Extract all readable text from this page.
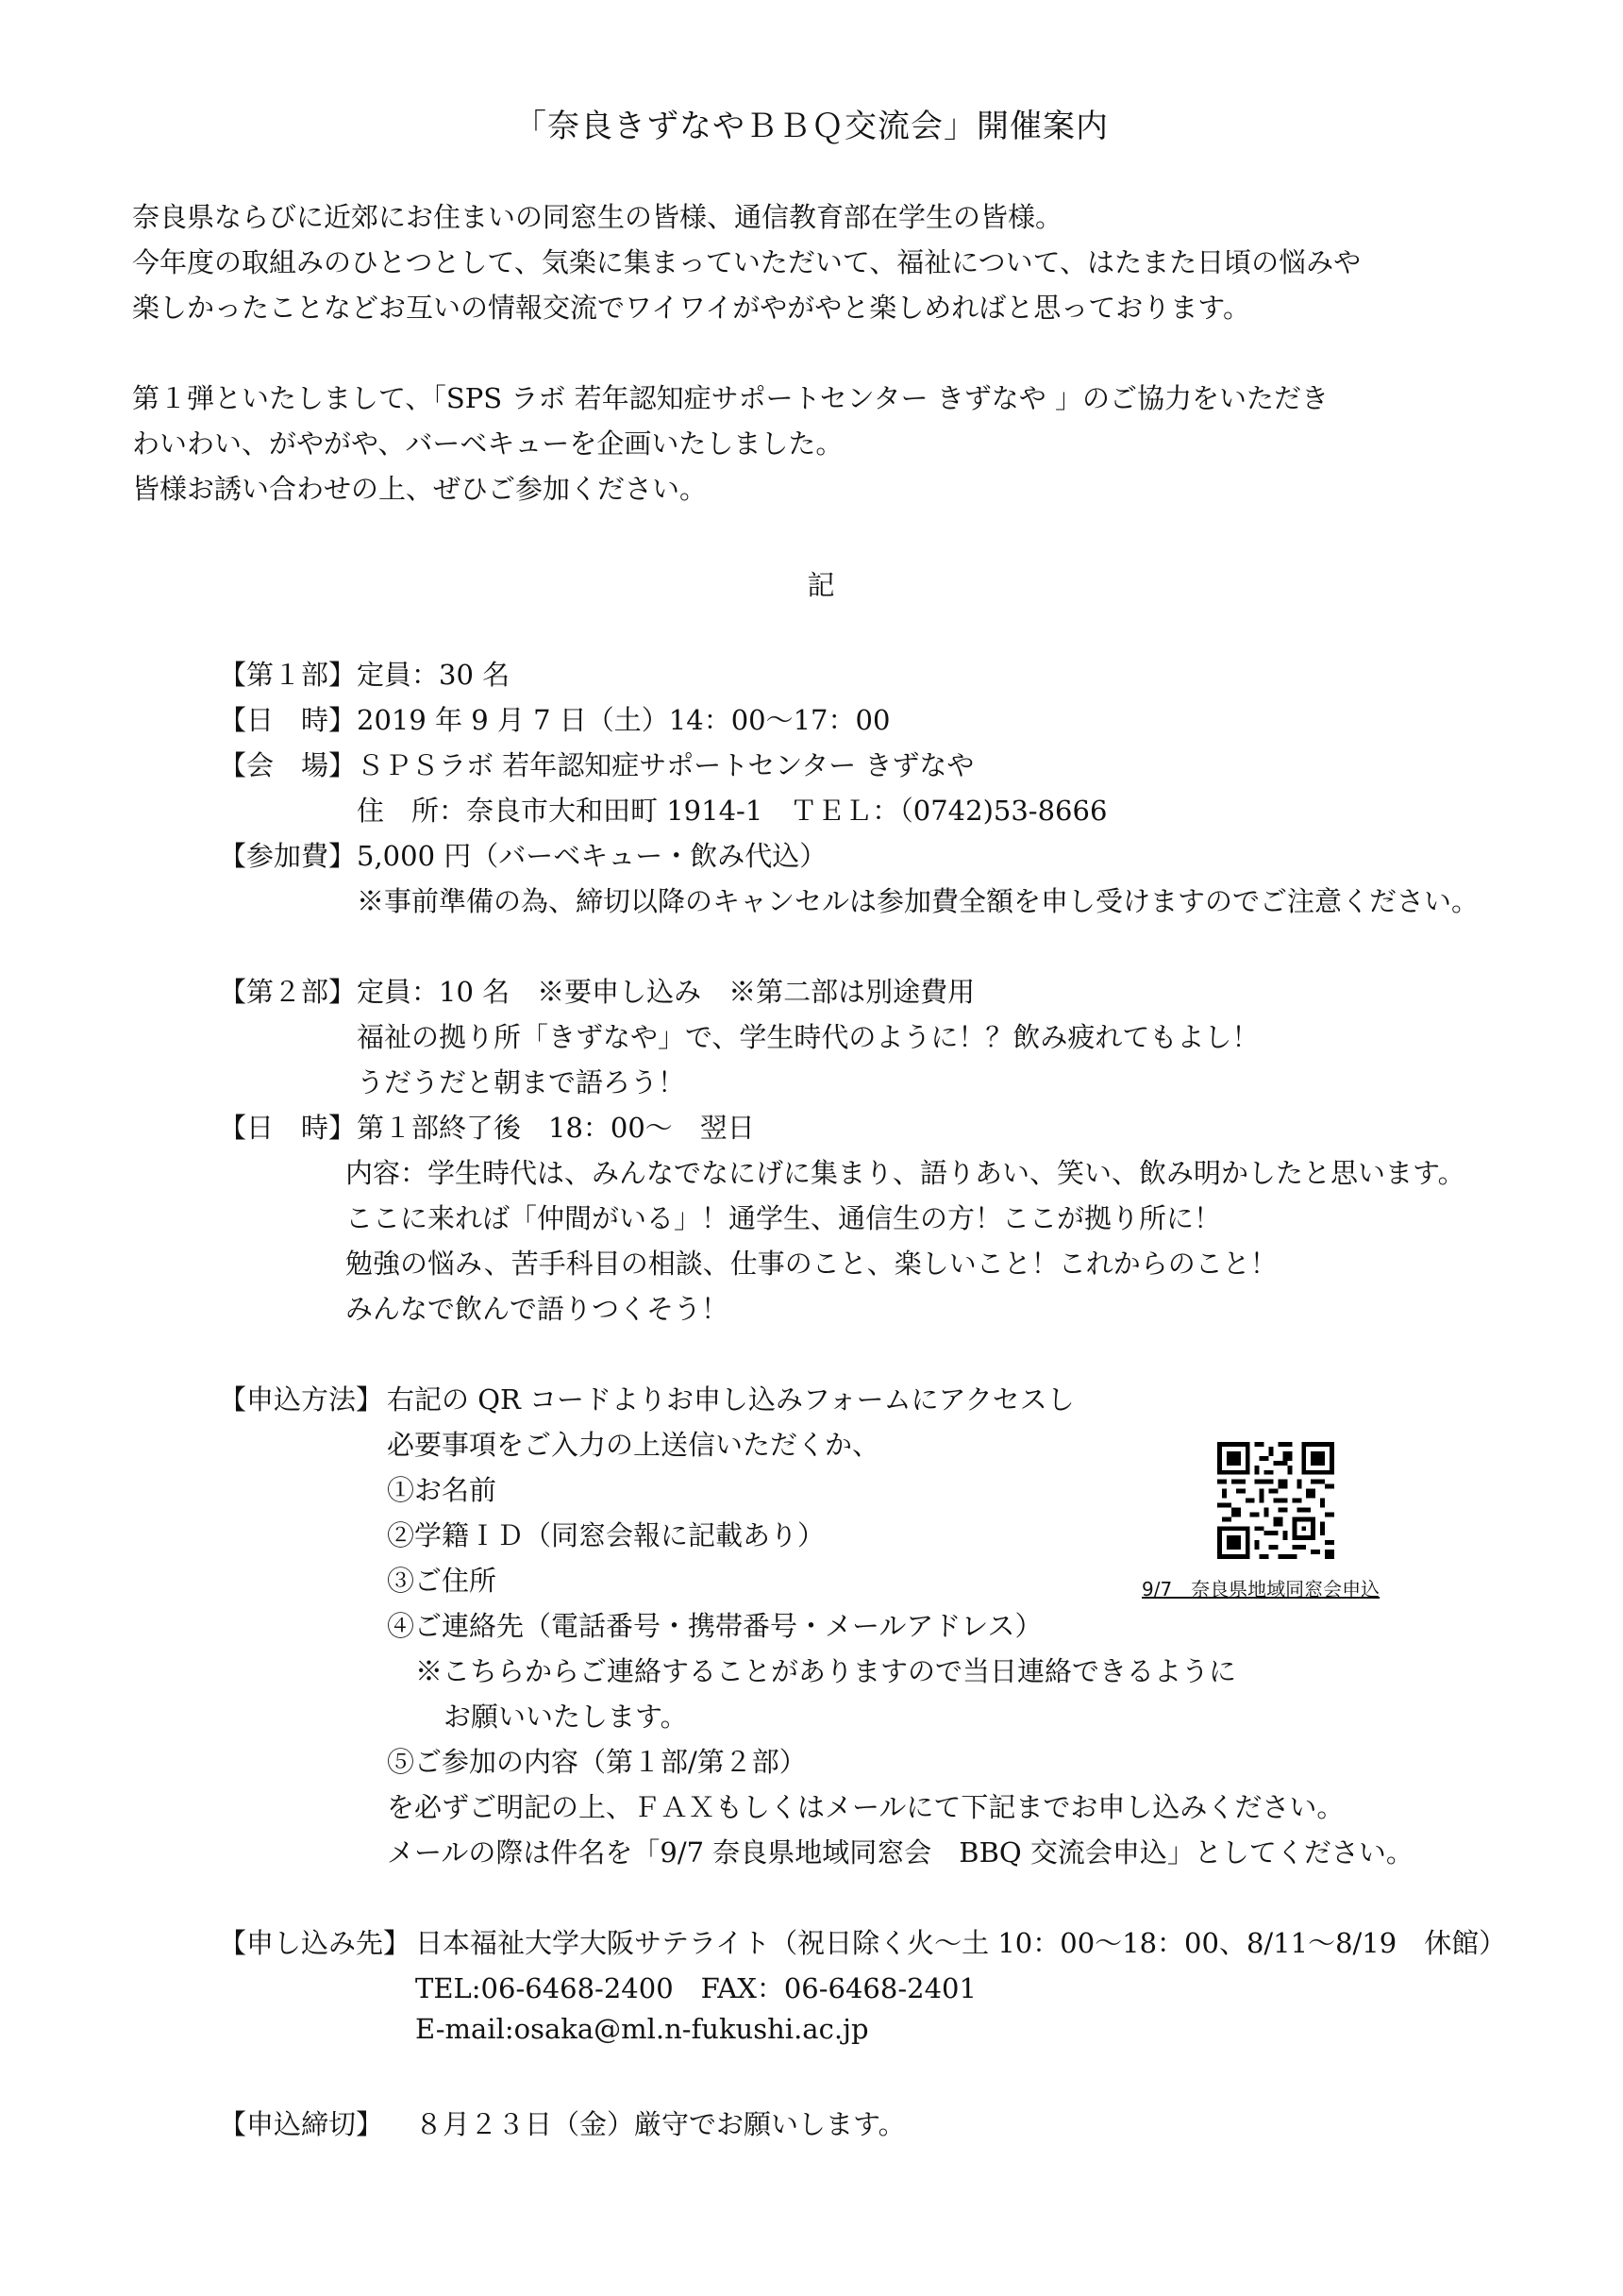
「奈良きずなやＢＢＱ交流会」開催案内
奈良県ならびに近郊にお住まいの同窓生の皆様、通信教育部在学生の皆様。
今年度の取組みのひとつとして、気楽に集まっていただいて、福祉について、はたまた日頃の悩みや
楽しかったことなどお互いの情報交流でワイワイがやがやと楽しめればと思っております。
第１弾といたしまして、「SPS ラボ 若年認知症サポートセンター きずなや 」のご協力をいただき
わいわい、がやがや、バーベキューを企画いたしました。
皆様お誘い合わせの上、ぜひご参加ください。
記
【第１部】 定員：30 名
【日　時】 2019 年 9 月 7 日（土）14：00～17：00
【会　場】 ＳＰＳラボ 若年認知症サポートセンター きずなや
住　所：奈良市大和田町 1914-1　ＴＥＬ：（0742)53-8666
【参加費】 5,000 円（バーベキュー・飲み代込）
※事前準備の為、締切以降のキャンセルは参加費全額を申し受けますのでご注意ください。
【第２部】 定員：10 名　※要申し込み　※第二部は別途費用
福祉の拠り所「きずなや」で、学生時代のように！？飲み疲れてもよし！
うだうだと朝まで語ろう！
【日　時】 第１部終了後　18：00～　翌日
内容：学生時代は、みんなでなにげに集まり、語りあい、笑い、飲み明かしたと思います。
ここに来れば「仲間がいる」！通学生、通信生の方！ここが拠り所に！
勉強の悩み、苦手科目の相談、仕事のこと、楽しいこと！これからのこと！
みんなで飲んで語りつくそう！
【申込方法】 右記の QR コードよりお申し込みフォームにアクセスし
必要事項をご入力の上送信いただくか、
①お名前
②学籍ＩＤ（同窓会報に記載あり）
③ご住所
④ご連絡先（電話番号・携帯番号・メールアドレス）
※こちらからご連絡することがありますので当日連絡できるように
お願いいたします。
⑤ご参加の内容（第１部/第２部）
を必ずご明記の上、ＦＡＸもしくはメールにて下記までお申し込みください。
メールの際は件名を「9/7 奈良県地域同窓会　BBQ 交流会申込」としてください。
9/7　奈良県地域同窓会申込
【申し込み先】 日本福祉大学大阪サテライト（祝日除く火～土 10：00～18：00、8/11～8/19　休館）
TEL:06-6468-2400　FAX：06-6468-2401
E-mail:osaka@ml.n-fukushi.ac.jp
【申込締切】 ８月２３日（金）厳守でお願いします。
